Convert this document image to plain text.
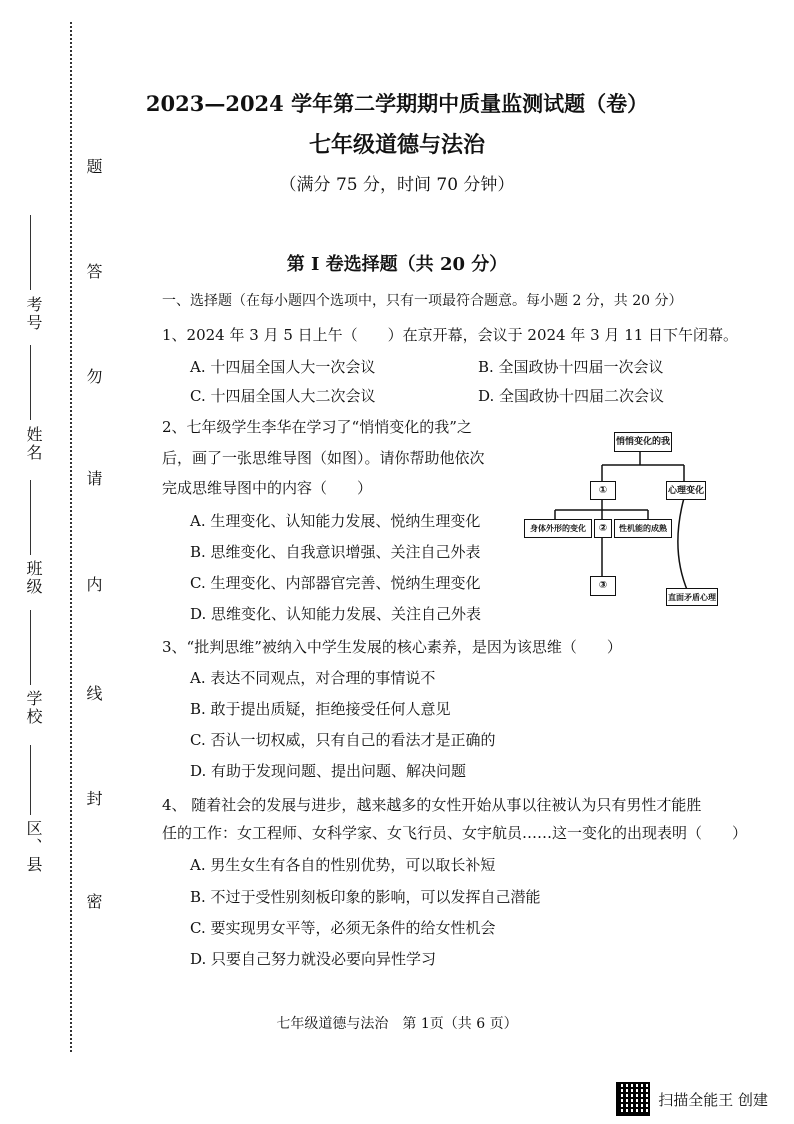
考号
姓名
班级
学校
区、县
题
答
勿
请
内
线
封
密
2023—2024 学年第二学期期中质量监测试题（卷）
七年级道德与法治
（满分 75 分，时间 70 分钟）
第 I 卷选择题（共 20 分）
一、选择题（在每小题四个选项中，只有一项最符合题意。每小题 2 分，共 20 分）
1、2024 年 3 月 5 日上午（　　）在京开幕，会议于 2024 年 3 月 11 日下午闭幕。
A. 十四届全国人大一次会议	B. 全国政协十四届一次会议
C. 十四届全国人大二次会议	D. 全国政协十四届二次会议
2、七年级学生李华在学习了“悄悄变化的我”之
后，画了一张思维导图（如图）。请你帮助他依次
完成思维导图中的内容（　　）
A. 生理变化、认知能力发展、悦纳生理变化
B. 思维变化、自我意识增强、关注自己外表
C. 生理变化、内部器官完善、悦纳生理变化
D. 思维变化、认知能力发展、关注自己外表
悄悄变化的我
①	心理变化
身体外形的变化	②	性机能的成熟
③
直面矛盾心理
3、“批判思维”被纳入中学生发展的核心素养，是因为该思维（　　）
A. 表达不同观点，对合理的事情说不
B. 敢于提出质疑，拒绝接受任何人意见
C. 否认一切权威，只有自己的看法才是正确的
D. 有助于发现问题、提出问题、解决问题
4、 随着社会的发展与进步，越来越多的女性开始从事以往被认为只有男性才能胜
任的工作：女工程师、女科学家、女飞行员、女宇航员……这一变化的出现表明（　　）
A. 男生女生有各自的性别优势，可以取长补短
B. 不过于受性别刻板印象的影响，可以发挥自己潜能
C. 要实现男女平等，必须无条件的给女性机会
D. 只要自己努力就没必要向异性学习
七年级道德与法治　第 1页（共 6 页）
扫描全能王 创建
